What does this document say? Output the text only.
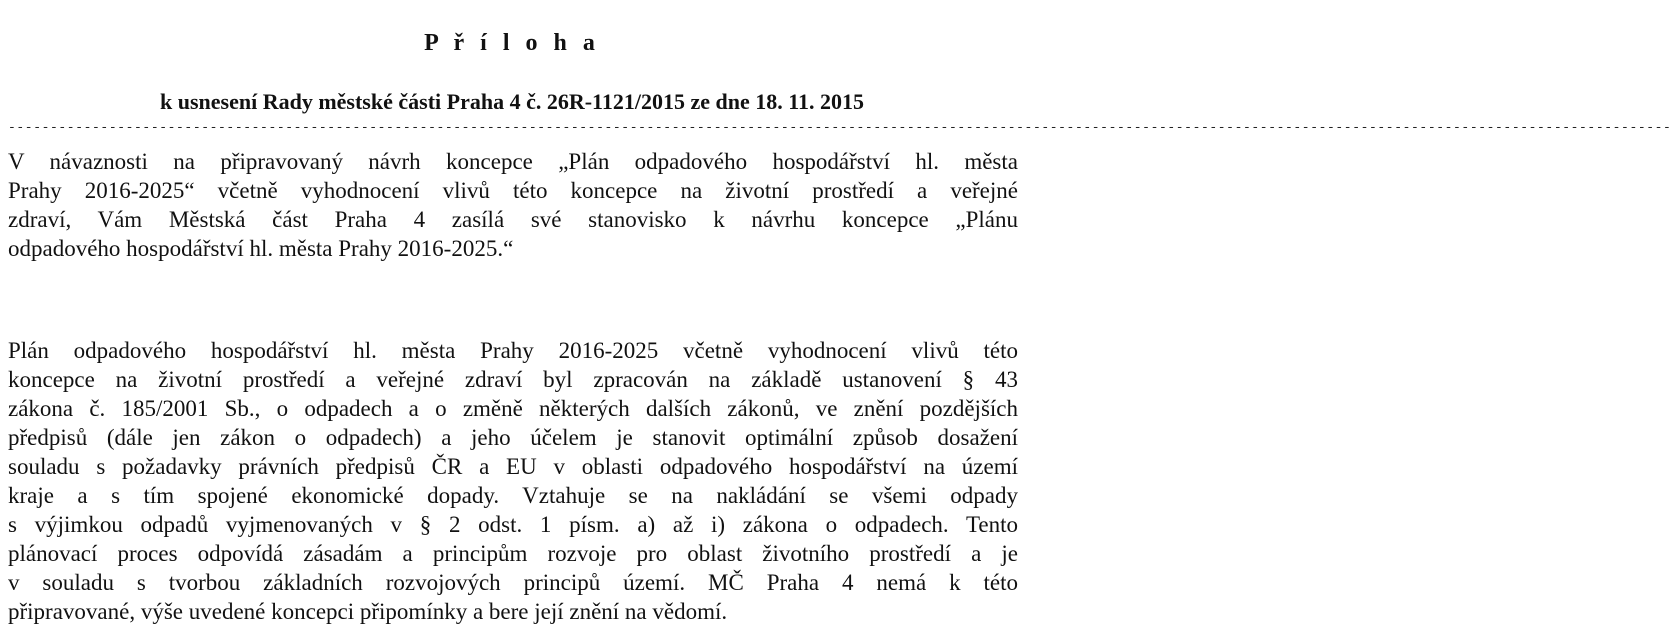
P ř í l o h a
k usnesení Rady městské části Praha 4 č. 26R-1121/2015 ze dne 18. 11. 2015
------------------------------------------------------------------------------------------------------------------------------------------------------------------------------------------------------
V návaznosti na připravovaný návrh koncepce „Plán odpadového hospodářství hl. města
Prahy 2016-2025“ včetně vyhodnocení vlivů této koncepce na životní prostředí a veřejné
zdraví, Vám Městská část Praha 4 zasílá své stanovisko k návrhu koncepce „Plánu
odpadového hospodářství hl. města Prahy 2016-2025.“
Plán odpadového hospodářství hl. města Prahy 2016-2025 včetně vyhodnocení vlivů této
koncepce na životní prostředí a veřejné zdraví byl zpracován na základě ustanovení § 43
zákona č. 185/2001 Sb., o odpadech a o změně některých dalších zákonů, ve znění pozdějších
předpisů (dále jen zákon o odpadech) a jeho účelem je stanovit optimální způsob dosažení
souladu s požadavky právních předpisů ČR a EU v oblasti odpadového hospodářství na území
kraje a s tím spojené ekonomické dopady. Vztahuje se na nakládání se všemi odpady
s výjimkou odpadů vyjmenovaných v § 2 odst. 1 písm. a) až i) zákona o odpadech. Tento
plánovací proces odpovídá zásadám a principům rozvoje pro oblast životního prostředí a je
v souladu s tvorbou základních rozvojových principů území. MČ Praha 4 nemá k této
připravované, výše uvedené koncepci připomínky a bere její znění na vědomí.
